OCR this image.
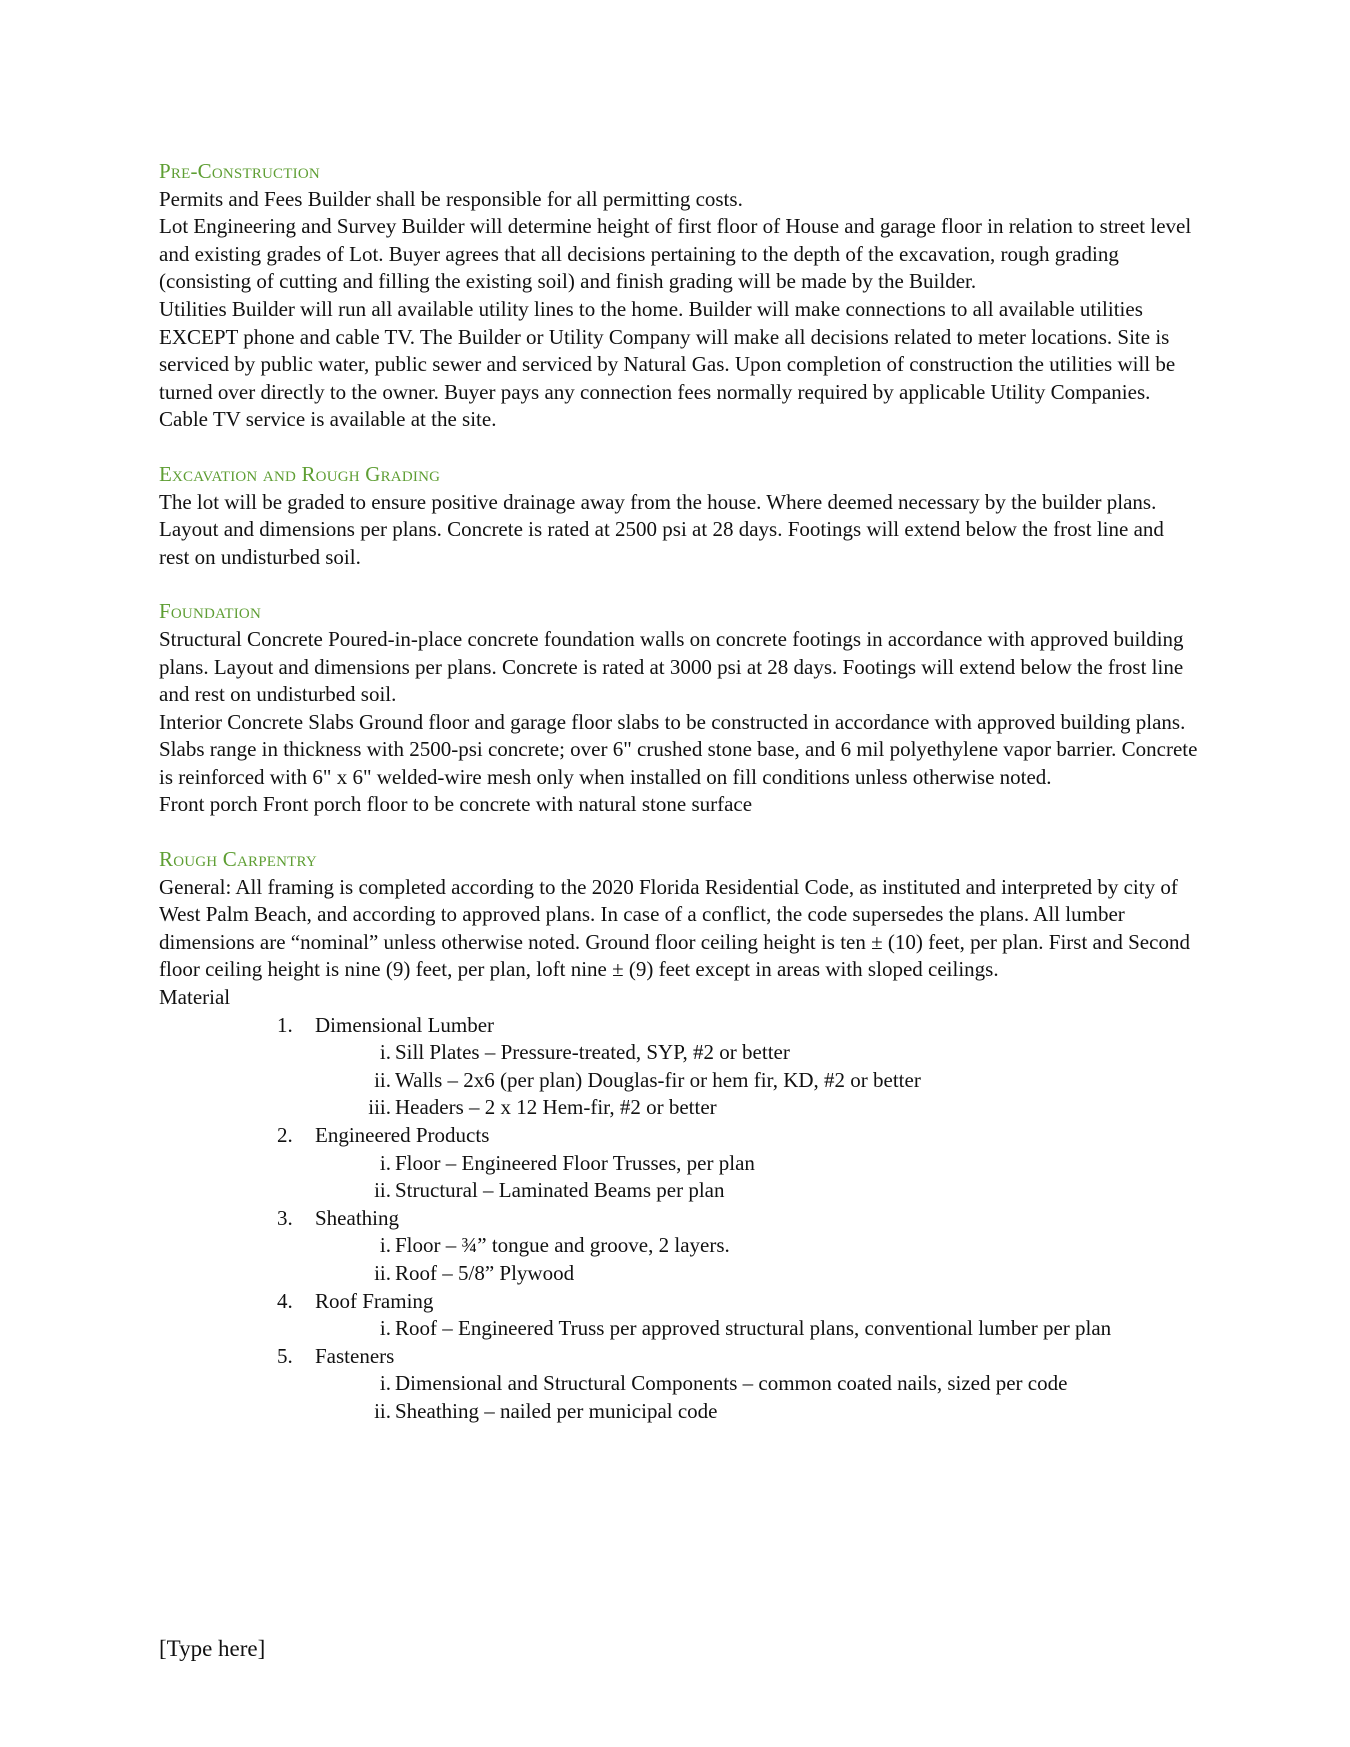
Pre-Construction

Permits and Fees Builder shall be responsible for all permitting costs.

Lot Engineering and Survey Builder will determine height of first floor of House and garage floor in relation to street level and existing grades of Lot. Buyer agrees that all decisions pertaining to the depth of the excavation, rough grading (consisting of cutting and filling the existing soil) and finish grading will be made by the Builder.

Utilities Builder will run all available utility lines to the home. Builder will make connections to all available utilities EXCEPT phone and cable TV. The Builder or Utility Company will make all decisions related to meter locations. Site is serviced by public water, public sewer and serviced by Natural Gas. Upon completion of construction the utilities will be turned over directly to the owner. Buyer pays any connection fees normally required by applicable Utility Companies. Cable TV service is available at the site.

Excavation and Rough Grading

The lot will be graded to ensure positive drainage away from the house. Where deemed necessary by the builder plans. Layout and dimensions per plans. Concrete is rated at 2500 psi at 28 days. Footings will extend below the frost line and rest on undisturbed soil.

Foundation

Structural Concrete Poured-in-place concrete foundation walls on concrete footings in accordance with approved building plans. Layout and dimensions per plans. Concrete is rated at 3000 psi at 28 days. Footings will extend below the frost line and rest on undisturbed soil.

Interior Concrete Slabs Ground floor and garage floor slabs to be constructed in accordance with approved building plans. Slabs range in thickness with 2500-psi concrete; over 6" crushed stone base, and 6 mil polyethylene vapor barrier. Concrete is reinforced with 6" x 6" welded-wire mesh only when installed on fill conditions unless otherwise noted.

Front porch Front porch floor to be concrete with natural stone surface

Rough Carpentry

General: All framing is completed according to the 2020 Florida Residential Code, as instituted and interpreted by city of West Palm Beach, and according to approved plans. In case of a conflict, the code supersedes the plans. All lumber dimensions are “nominal” unless otherwise noted. Ground floor ceiling height is ten ± (10) feet, per plan. First and Second floor ceiling height is nine (9) feet, per plan, loft nine ± (9) feet except in areas with sloped ceilings.

Material

1. Dimensional Lumber
i. Sill Plates – Pressure-treated, SYP, #2 or better
ii. Walls – 2x6 (per plan) Douglas-fir or hem fir, KD, #2 or better
iii. Headers – 2 x 12 Hem-fir, #2 or better
2. Engineered Products
i. Floor – Engineered Floor Trusses, per plan
ii. Structural – Laminated Beams per plan
3. Sheathing
i. Floor – ¾” tongue and groove, 2 layers.
ii. Roof – 5/8” Plywood
4. Roof Framing
i. Roof – Engineered Truss per approved structural plans, conventional lumber per plan
5. Fasteners
i. Dimensional and Structural Components – common coated nails, sized per code
ii. Sheathing – nailed per municipal code
[Type here]
